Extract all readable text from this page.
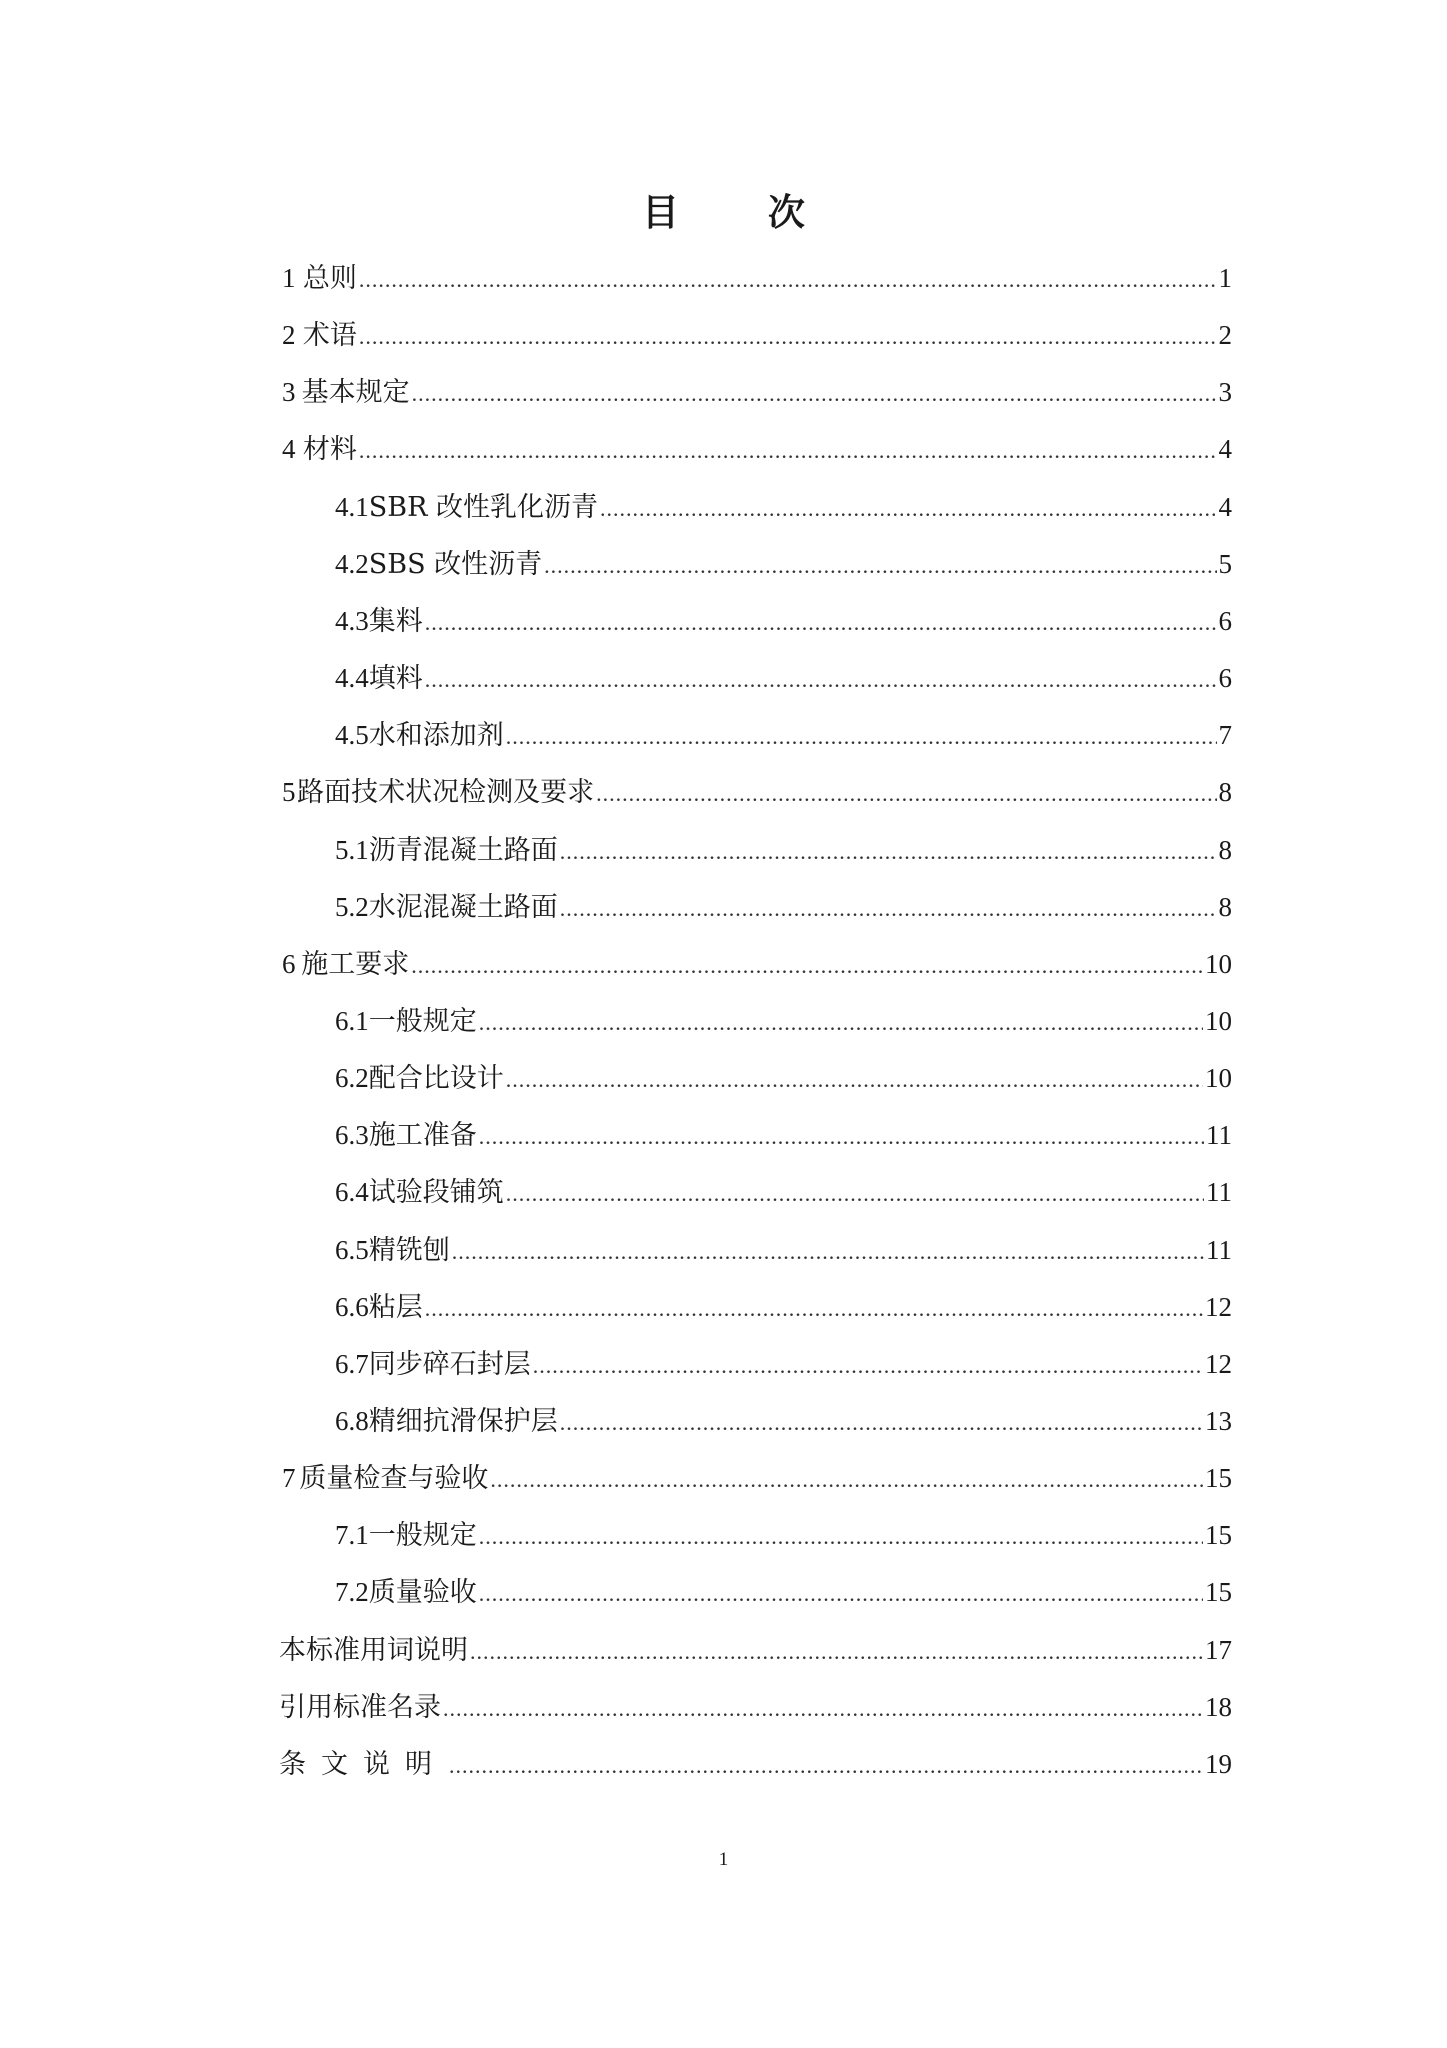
目 次
1 总则 .....	1
2 术语 .....	2
3 基本规定 .....	3
4 材料 .....	4
4.1 SBR 改性乳化沥青 .....	4
4.2 SBS 改性沥青 .....	5
4.3 集料 .....	6
4.4 填料 .....	6
4.5 水和添加剂 .....	7
5 路面技术状况检测及要求 .....	8
5.1 沥青混凝土路面 .....	8
5.2 水泥混凝土路面 .....	8
6 施工要求 .....	10
6.1 一般规定 .....	10
6.2 配合比设计 .....	10
6.3 施工准备 .....	11
6.4 试验段铺筑 .....	11
6.5 精铣刨 .....	11
6.6 粘层 .....	12
6.7 同步碎石封层 .....	12
6.8 精细抗滑保护层 .....	13
7 质量检查与验收 .....	15
7.1 一般规定 .....	15
7.2 质量验收 .....	15
本标准用词说明 .....	17
引用标准名录 .....	18
条文说明 .....	19
1
